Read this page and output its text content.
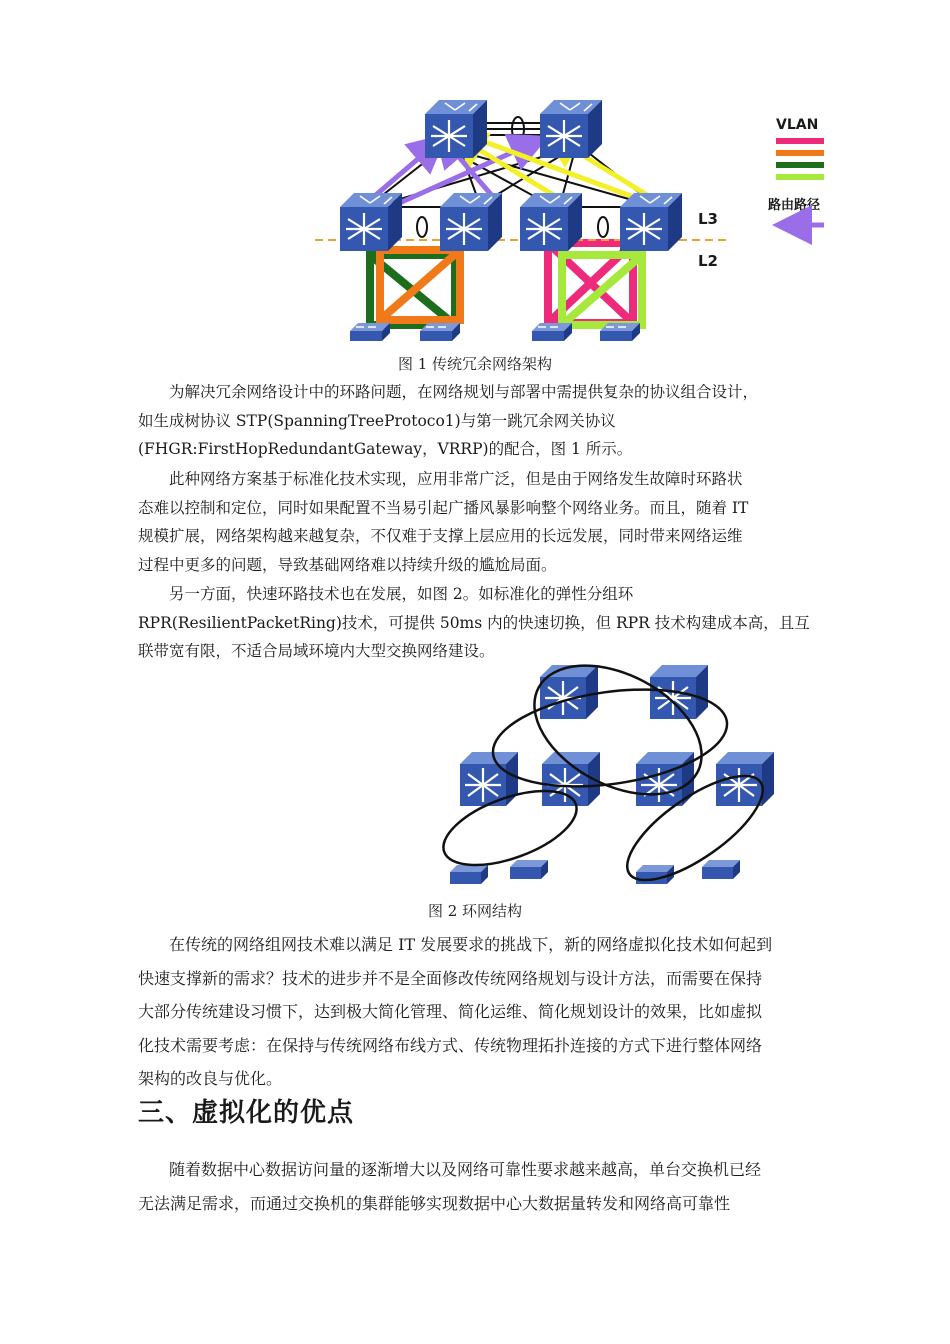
L3
L2
VLAN
路由路径
图 1 传统冗余网络架构
为解决冗余网络设计中的环路问题，在网络规划与部署中需提供复杂的协议组合设计，
如生成树协议 STP(SpanningTreeProtoco1)与第一跳冗余网关协议
(FHGR:FirstHopRedundantGateway，VRRP)的配合，图 1 所示。
此种网络方案基于标准化技术实现，应用非常广泛，但是由于网络发生故障时环路状
态难以控制和定位，同时如果配置不当易引起广播风暴影响整个网络业务。而且，随着 IT
规模扩展，网络架构越来越复杂，不仅难于支撑上层应用的长远发展，同时带来网络运维
过程中更多的问题，导致基础网络难以持续升级的尴尬局面。
另一方面，快速环路技术也在发展，如图 2。如标准化的弹性分组环
RPR(ResilientPacketRing)技术，可提供 50ms 内的快速切换，但 RPR 技术构建成本高，且互
联带宽有限，不适合局域环境内大型交换网络建设。
图 2 环网结构
在传统的网络组网技术难以满足 IT 发展要求的挑战下，新的网络虚拟化技术如何起到
快速支撑新的需求？技术的进步并不是全面修改传统网络规划与设计方法，而需要在保持
大部分传统建设习惯下，达到极大简化管理、简化运维、简化规划设计的效果，比如虚拟
化技术需要考虑：在保持与传统网络布线方式、传统物理拓扑连接的方式下进行整体网络
架构的改良与优化。
三、虚拟化的优点
随着数据中心数据访问量的逐渐增大以及网络可靠性要求越来越高，单台交换机已经
无法满足需求，而通过交换机的集群能够实现数据中心大数据量转发和网络高可靠性
